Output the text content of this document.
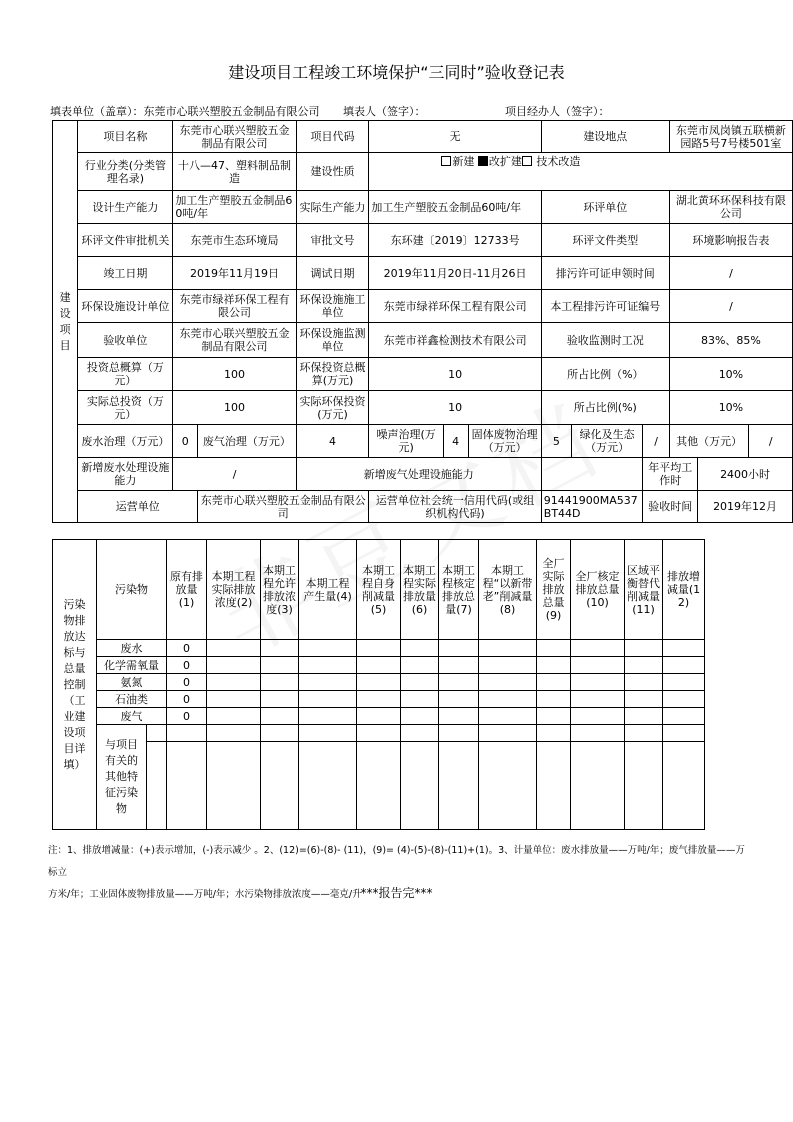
建设项目工程竣工环境保护“三同时”验收登记表
填表单位（盖章）：东莞市心联兴塑胶五金制品有限公司 填表人（签字）：	项目经办人（签字）：
建设项目	项目名称	东莞市心联兴塑胶五金制品有限公司		项目代码	无			建设地点			东莞市凤岗镇五联横新园路5号7号楼501室		
	行业分类(分类管理名录)	十八—47、塑料制品制造		建设性质	新建 改扩建 技术改造								
	设计生产能力	加工生产塑胶五金制品60吨/年		实际生产能力	加工生产塑胶五金制品60吨/年			环评单位			湖北黄环环保科技有限公司		
	环评文件审批机关	东莞市生态环境局		审批文号	东环建〔2019〕12733号			环评文件类型			环境影响报告表		
	竣工日期	2019年11月19日		调试日期	2019年11月20日-11月26日			排污许可证申领时间			/		
	环保设施设计单位	东莞市绿祥环保工程有限公司		环保设施施工单位	东莞市绿祥环保工程有限公司			本工程排污许可证编号			/		
	验收单位	东莞市心联兴塑胶五金制品有限公司		环保设施监测单位	东莞市祥鑫检测技术有限公司			验收监测时工况			83%、85%		
	投资总概算（万元）	100		环保投资总概算(万元)	10			所占比例（%）			10%		
	实际总投资（万元）	100		实际环保投资(万元)	10			所占比例(%)			10%		
	废水治理（万元）	0	废气治理（万元）	4	噪声治理(万元)	4	固体废物治理（万元）	5	绿化及生态（万元）	/	其他（万元）		/
	新增废水处理设施能力	/		新增废气处理设施能力						年平均工作时		2400小时	
	运营单位		东莞市心联兴塑胶五金制品有限公司		运营单位社会统一信用代码(或组织机构代码)			91441900MA537BT44D		验收时间		2019年12月	
污染物排放达标与总量控制（工业建设项目详填）	污染物		原有排放量(1)	本期工程实际排放浓度(2)	本期工程允许排放浓度(3)	本期工程产生量(4)	本期工程自身削减量(5)	本期工程实际排放量(6)	本期工程核定排放总量(7)	本期工程“以新带老”削减量(8)	全厂实际排放总量(9)	全厂核定排放总量(10)	区域平衡替代削减量(11)	排放增减量(12)
	废水		0											
	化学需氧量		0											
	氨氮		0											
	石油类		0											
	废气		0											

	与项目有关的其他特征污染物													

注：1、排放增减量：(+)表示增加，(-)表示减少 。2、(12)=(6)-(8)- (11)，(9)= (4)-(5)-(8)-(11)+(1)。3、计量单位：废水排放量——万吨/年；废气排放量——万标立
方米/年；工业固体废物排放量——万吨/年；水污染物排放浓度——毫克/升
***报告完***
